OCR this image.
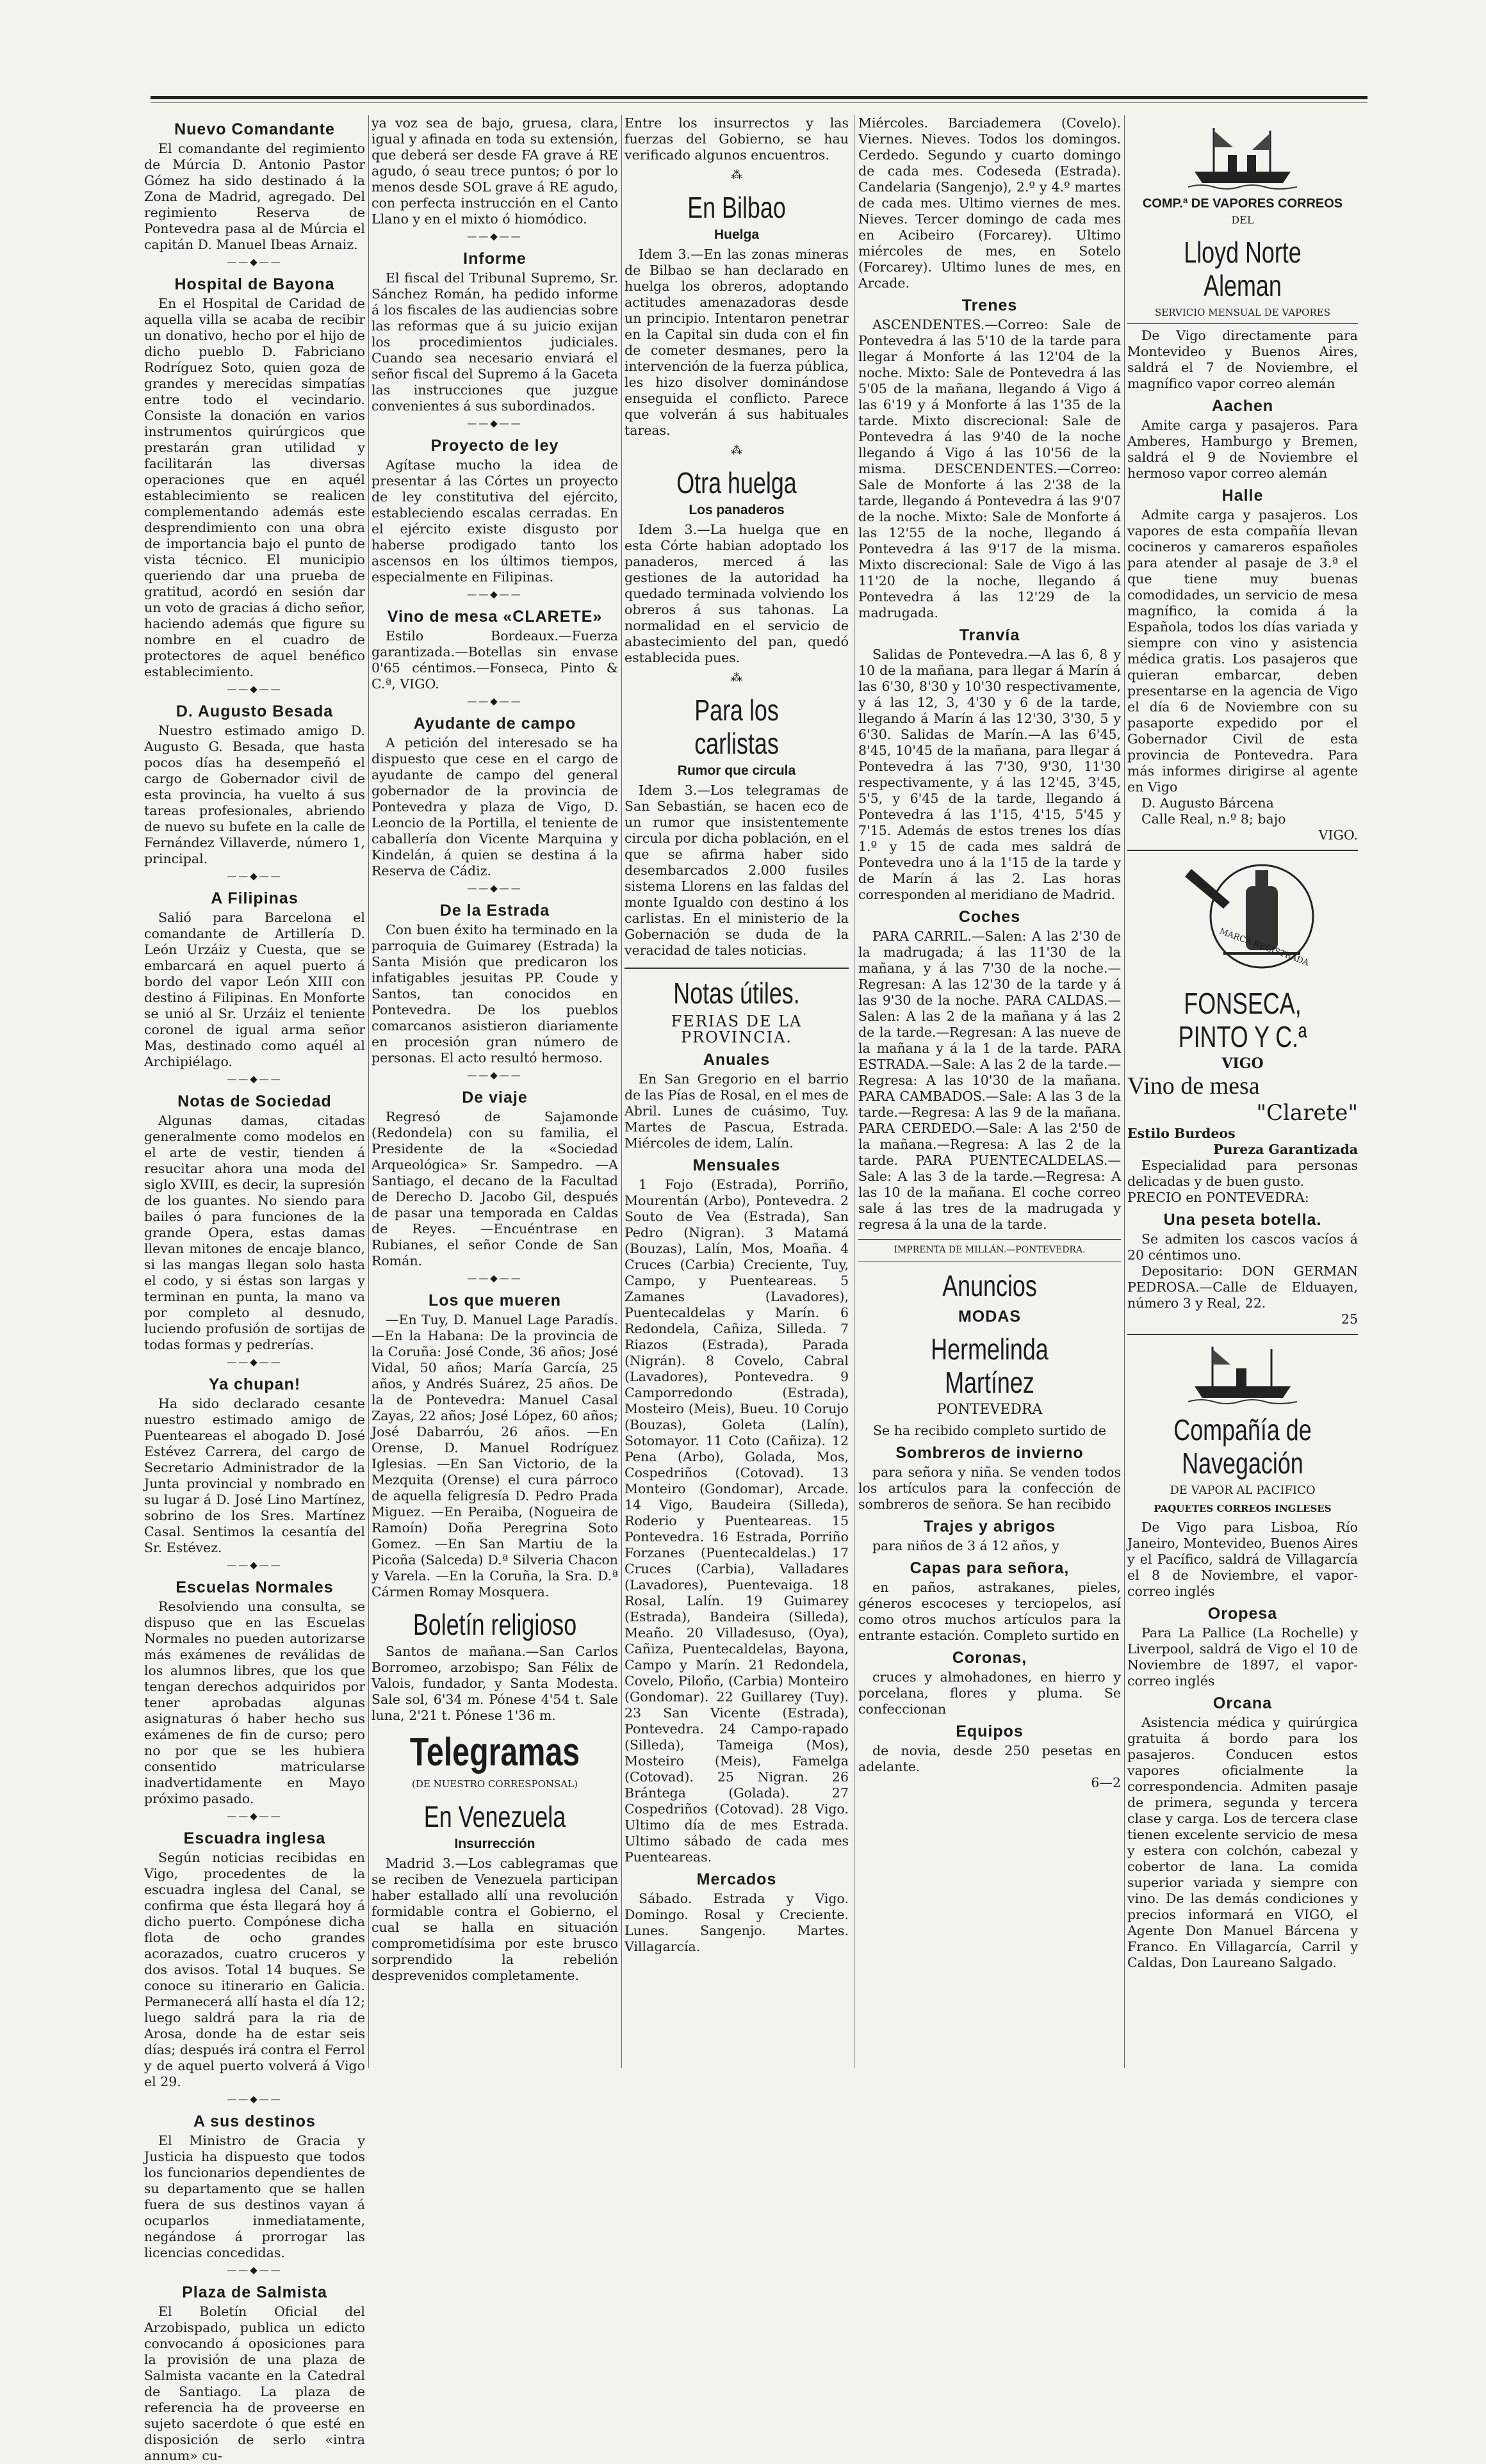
Nuevo Comandante

El comandante del regimiento de Múrcia D. Antonio Pastor Gómez ha sido destinado á la Zona de Madrid, agregado. Del regimiento Reserva de Pontevedra pasa al de Múrcia el capitán D. Manuel Ibeas Arnaiz.

——◆——
Hospital de Bayona

En el Hospital de Caridad de aquella villa se acaba de recibir un donativo, hecho por el hijo de dicho pueblo D. Fabriciano Rodríguez Soto, quien goza de grandes y merecidas simpatías entre todo el vecindario. Consiste la donación en varios instrumentos quirúrgicos que prestarán gran utilidad y facilitarán las diversas operaciones que en aquél establecimiento se realicen complementando además este desprendimiento con una obra de importancia bajo el punto de vista técnico. El municipio queriendo dar una prueba de gratitud, acordó en sesión dar un voto de gracias á dicho señor, haciendo además que figure su nombre en el cuadro de protectores de aquel benéfico establecimiento.

——◆——
D. Augusto Besada

Nuestro estimado amigo D. Augusto G. Besada, que hasta pocos días ha desempeñó el cargo de Gobernador civil de esta provincia, ha vuelto á sus tareas profesionales, abriendo de nuevo su bufete en la calle de Fernández Villaverde, número 1, principal.

——◆——
A Filipinas

Salió para Barcelona el comandante de Artillería D. León Urzáiz y Cuesta, que se embarcará en aquel puerto á bordo del vapor León XIII con destino á Filipinas. En Monforte se unió al Sr. Urzáiz el teniente coronel de igual arma señor Mas, destinado como aquél al Archipiélago.

——◆——
Notas de Sociedad

Algunas damas, citadas generalmente como modelos en el arte de vestir, tienden á resucitar ahora una moda del siglo XVIII, es decir, la supresión de los guantes. No siendo para bailes ó para funciones de la grande Opera, estas damas llevan mitones de encaje blanco, si las mangas llegan solo hasta el codo, y si éstas son largas y terminan en punta, la mano va por completo al desnudo, luciendo profusión de sortijas de todas formas y pedrerías.

——◆——
Ya chupan!

Ha sido declarado cesante nuestro estimado amigo de Puenteareas el abogado D. José Estévez Carrera, del cargo de Secretario Administrador de la Junta provincial y nombrado en su lugar á D. José Lino Martínez, sobrino de los Sres. Martínez Casal. Sentimos la cesantía del Sr. Estévez.

——◆——
Escuelas Normales

Resolviendo una consulta, se dispuso que en las Escuelas Normales no pueden autorizarse más exámenes de reválidas de los alumnos libres, que los que tengan derechos adquiridos por tener aprobadas algunas asignaturas ó haber hecho sus exámenes de fin de curso; pero no por que se les hubiera consentido matricularse inadvertidamente en Mayo próximo pasado.

——◆——
Escuadra inglesa

Según noticias recibidas en Vigo, procedentes de la escuadra inglesa del Canal, se confirma que ésta llegará hoy á dicho puerto. Compónese dicha flota de ocho grandes acorazados, cuatro cruceros y dos avisos. Total 14 buques. Se conoce su itinerario en Galicia. Permanecerá allí hasta el día 12; luego saldrá para la ria de Arosa, donde ha de estar seis días; después irá contra el Ferrol y de aquel puerto volverá á Vigo el 29.

——◆——
A sus destinos

El Ministro de Gracia y Justicia ha dispuesto que todos los funcionarios dependientes de su departamento que se hallen fuera de sus destinos vayan á ocuparlos inmediatamente, negándose á prorrogar las licencias concedidas.

——◆——
Plaza de Salmista

El Boletín Oficial del Arzobispado, publica un edicto convocando á oposiciones para la provisión de una plaza de Salmista vacante en la Catedral de Santiago. La plaza de referencia ha de proveerse en sujeto sacerdote ó que esté en disposición de serlo «intra annum» cu-

ya voz sea de bajo, gruesa, clara, igual y afinada en toda su extensión, que deberá ser desde FA grave á RE agudo, ó seau trece puntos; ó por lo menos desde SOL grave á RE agudo, con perfecta instrucción en el Canto Llano y en el mixto ó hiomódico.

——◆——
Informe

El fiscal del Tribunal Supremo, Sr. Sánchez Román, ha pedido informe á los fiscales de las audiencias sobre las reformas que á su juicio exijan los procedimientos judiciales. Cuando sea necesario enviará el señor fiscal del Supremo á la Gaceta las instrucciones que juzgue convenientes á sus subordinados.

——◆——
Proyecto de ley

Agítase mucho la idea de presentar á las Córtes un proyecto de ley constitutiva del ejército, estableciendo escalas cerradas. En el ejército existe disgusto por haberse prodigado tanto los ascensos en los últimos tiempos, especialmente en Filipinas.

——◆——
Vino de mesa «CLARETE»

Estilo Bordeaux.—Fuerza garantizada.—Botellas sin envase 0'65 céntimos.—Fonseca, Pinto & C.ª, VIGO.

——◆——
Ayudante de campo

A petición del interesado se ha dispuesto que cese en el cargo de ayudante de campo del general gobernador de la provincia de Pontevedra y plaza de Vigo, D. Leoncio de la Portilla, el teniente de caballería don Vicente Marquina y Kindelán, á quien se destina á la Reserva de Cádiz.

——◆——
De la Estrada

Con buen éxito ha terminado en la parroquia de Guimarey (Estrada) la Santa Misión que predicaron los infatigables jesuitas PP. Coude y Santos, tan conocidos en Pontevedra. De los pueblos comarcanos asistieron diariamente en procesión gran número de personas. El acto resultó hermoso.

——◆——
De viaje

Regresó de Sajamonde (Redondela) con su familia, el Presidente de la «Sociedad Arqueológica» Sr. Sampedro. —A Santiago, el decano de la Facultad de Derecho D. Jacobo Gil, después de pasar una temporada en Caldas de Reyes. —Encuéntrase en Rubianes, el señor Conde de San Román.

——◆——
Los que mueren

—En Tuy, D. Manuel Lage Paradís. —En la Habana: De la provincia de la Coruña: José Conde, 36 años; José Vidal, 50 años; María García, 25 años, y Andrés Suárez, 25 años. De la de Pontevedra: Manuel Casal Zayas, 22 años; José López, 60 años; José Dabarróu, 26 años. —En Orense, D. Manuel Rodríguez Iglesias. —En San Victorio, de la Mezquita (Orense) el cura párroco de aquella feligresía D. Pedro Prada Miguez. —En Peraiba, (Nogueira de Ramoín) Doña Peregrina Soto Gomez. —En San Martiu de la Picoña (Salceda) D.ª Silveria Chacon y Varela. —En la Coruña, la Sra. D.ª Cármen Romay Mosquera.

Boletín religioso

Santos de mañana.—San Carlos Borromeo, arzobispo; San Félix de Valois, fundador, y Santa Modesta. Sale sol, 6'34 m. Pónese 4'54 t. Sale luna, 2'21 t. Pónese 1'36 m.

Telegramas
(DE NUESTRO CORRESPONSAL)
En Venezuela
Insurrección

Madrid 3.—Los cablegramas que se reciben de Venezuela participan haber estallado allí una revolución formidable contra el Gobierno, el cual se halla en situación comprometidísima por este brusco sorprendido la rebelión desprevenidos completamente.

Entre los insurrectos y las fuerzas del Gobierno, se hau verificado algunos encuentros.

⁂
En Bilbao
Huelga

Idem 3.—En las zonas mineras de Bilbao se han declarado en huelga los obreros, adoptando actitudes amenazadoras desde un principio. Intentaron penetrar en la Capital sin duda con el fin de cometer desmanes, pero la intervención de la fuerza pública, les hizo disolver dominándose enseguida el conflicto. Parece que volverán á sus habituales tareas.

⁂
Otra huelga
Los panaderos

Idem 3.—La huelga que en esta Córte habian adoptado los panaderos, merced á las gestiones de la autoridad ha quedado terminada volviendo los obreros á sus tahonas. La normalidad en el servicio de abastecimiento del pan, quedó establecida pues.

⁂
Para los carlistas
Rumor que circula

Idem 3.—Los telegramas de San Sebastián, se hacen eco de un rumor que insistentemente circula por dicha población, en el que se afirma haber sido desembarcados 2.000 fusiles sistema Llorens en las faldas del monte Igualdo con destino á los carlistas. En el ministerio de la Gobernación se duda de la veracidad de tales noticias.

Notas útiles.
FERIAS DE LA PROVINCIA.
Anuales

En San Gregorio en el barrio de las Pías de Rosal, en el mes de Abril. Lunes de cuásimo, Tuy. Martes de Pascua, Estrada. Miércoles de idem, Lalín.

Mensuales

1 Fojo (Estrada), Porriño, Mourentán (Arbo), Pontevedra. 2 Souto de Vea (Estrada), San Pedro (Nigran). 3 Matamá (Bouzas), Lalín, Mos, Moaña. 4 Cruces (Carbia) Creciente, Tuy, Campo, y Puenteareas. 5 Zamanes (Lavadores), Puentecaldelas y Marín. 6 Redondela, Cañiza, Silleda. 7 Riazos (Estrada), Parada (Nigrán). 8 Covelo, Cabral (Lavadores), Pontevedra. 9 Camporredondo (Estrada), Mosteiro (Meis), Bueu. 10 Corujo (Bouzas), Goleta (Lalín), Sotomayor. 11 Coto (Cañiza). 12 Pena (Arbo), Golada, Mos, Cospedriños (Cotovad). 13 Monteiro (Gondomar), Arcade. 14 Vigo, Baudeira (Silleda), Roderio y Puenteareas. 15 Pontevedra. 16 Estrada, Porriño Forzanes (Puentecaldelas.) 17 Cruces (Carbia), Valladares (Lavadores), Puentevaiga. 18 Rosal, Lalín. 19 Guimarey (Estrada), Bandeira (Silleda), Meaño. 20 Villadesuso, (Oya), Cañiza, Puentecaldelas, Bayona, Campo y Marín. 21 Redondela, Covelo, Piloño, (Carbia) Monteiro (Gondomar). 22 Guillarey (Tuy). 23 San Vicente (Estrada), Pontevedra. 24 Campo-rapado (Silleda), Tameiga (Mos), Mosteiro (Meis), Famelga (Cotovad). 25 Nigran. 26 Brántega (Golada). 27 Cospedriños (Cotovad). 28 Vigo. Ultimo día de mes Estrada. Ultimo sábado de cada mes Puenteareas.

Mercados

Sábado. Estrada y Vigo. Domingo. Rosal y Creciente. Lunes. Sangenjo. Martes. Villagarcía.

Miércoles. Barciademera (Covelo). Viernes. Nieves. Todos los domingos. Cerdedo. Segundo y cuarto domingo de cada mes. Codeseda (Estrada). Candelaria (Sangenjo), 2.º y 4.º martes de cada mes. Ultimo viernes de mes. Nieves. Tercer domingo de cada mes en Acibeiro (Forcarey). Ultimo miércoles de mes, en Sotelo (Forcarey). Ultimo lunes de mes, en Arcade.

Trenes

ASCENDENTES.—Correo: Sale de Pontevedra á las 5'10 de la tarde para llegar á Monforte á las 12'04 de la noche. Mixto: Sale de Pontevedra á las 5'05 de la mañana, llegando á Vigo á las 6'19 y á Monforte á las 1'35 de la tarde. Mixto discrecional: Sale de Pontevedra á las 9'40 de la noche llegando á Vigo á las 10'56 de la misma. DESCENDENTES.—Correo: Sale de Monforte á las 2'38 de la tarde, llegando á Pontevedra á las 9'07 de la noche. Mixto: Sale de Monforte á las 12'55 de la noche, llegando á Pontevedra á las 9'17 de la misma. Mixto discrecional: Sale de Vigo á las 11'20 de la noche, llegando á Pontevedra á las 12'29 de la madrugada.

Tranvía

Salidas de Pontevedra.—A las 6, 8 y 10 de la mañana, para llegar á Marín á las 6'30, 8'30 y 10'30 respectivamente, y á las 12, 3, 4'30 y 6 de la tarde, llegando á Marín á las 12'30, 3'30, 5 y 6'30. Salidas de Marín.—A las 6'45, 8'45, 10'45 de la mañana, para llegar á Pontevedra á las 7'30, 9'30, 11'30 respectivamente, y á las 12'45, 3'45, 5'5, y 6'45 de la tarde, llegando á Pontevedra á las 1'15, 4'15, 5'45 y 7'15. Además de estos trenes los días 1.º y 15 de cada mes saldrá de Pontevedra uno á la 1'15 de la tarde y de Marín á las 2. Las horas corresponden al meridiano de Madrid.

Coches

PARA CARRIL.—Salen: A las 2'30 de la madrugada; á las 11'30 de la mañana, y á las 7'30 de la noche.—Regresan: A las 12'30 de la tarde y á las 9'30 de la noche. PARA CALDAS.—Salen: A las 2 de la mañana y á las 2 de la tarde.—Regresan: A las nueve de la mañana y á la 1 de la tarde. PARA ESTRADA.—Sale: A las 2 de la tarde.—Regresa: A las 10'30 de la mañana. PARA CAMBADOS.—Sale: A las 3 de la tarde.—Regresa: A las 9 de la mañana. PARA CERDEDO.—Sale: A las 2'50 de la mañana.—Regresa: A las 2 de la tarde. PARA PUENTECALDELAS.—Sale: A las 3 de la tarde.—Regresa: A las 10 de la mañana. El coche correo sale á las tres de la madrugada y regresa á la una de la tarde.

IMPRENTA DE MILLÁN.—PONTEVEDRA.
Anuncios
MODAS
Hermelinda Martínez
PONTEVEDRA

Se ha recibido completo surtido de

Sombreros de invierno

para señora y niña. Se venden todos los artículos para la confección de sombreros de señora. Se han recibido

Trajes y abrigos

para niños de 3 á 12 años, y

Capas para señora,

en paños, astrakanes, pieles, géneros escoceses y terciopelos, así como otros muchos artículos para la entrante estación. Completo surtido en

Coronas,

cruces y almohadones, en hierro y porcelana, flores y pluma. Se confeccionan

Equipos

de novia, desde 250 pesetas en adelante.

6—2
COMP.ª DE VAPORES CORREOS
DEL
Lloyd Norte Aleman
SERVICIO MENSUAL DE VAPORES

De Vigo directamente para Montevideo y Buenos Aires, saldrá el 7 de Noviembre, el magnífico vapor correo alemán

Aachen

Amite carga y pasajeros. Para Amberes, Hamburgo y Bremen, saldrá el 9 de Noviembre el hermoso vapor correo alemán

Halle

Admite carga y pasajeros. Los vapores de esta compañía llevan cocineros y camareros españoles para atender al pasaje de 3.ª el que tiene muy buenas comodidades, un servicio de mesa magnífico, la comida á la Española, todos los días variada y siempre con vino y asistencia médica gratis. Los pasajeros que quieran embarcar, deben presentarse en la agencia de Vigo el día 6 de Noviembre con su pasaporte expedido por el Gobernador Civil de esta provincia de Pontevedra. Para más informes dirigirse al agente en Vigo

D. Augusto Bárcena

Calle Real, n.º 8; bajo

VIGO.
MARCA REGISTRADA
FONSECA, PINTO Y C.ª
VIGO
Vino de mesa
"Clarete"
Estilo Burdeos
Pureza Garantizada

Especialidad para personas delicadas y de buen gusto.

PRECIO en PONTEVEDRA:
Una peseta botella.

Se admiten los cascos vacíos á 20 céntimos uno.

Depositario: DON GERMAN PEDROSA.—Calle de Elduayen, número 3 y Real, 22.

25
Compañía de Navegación
DE VAPOR AL PACIFICO
PAQUETES CORREOS INGLESES

De Vigo para Lisboa, Río Janeiro, Montevideo, Buenos Aires y el Pacífico, saldrá de Villagarcía el 8 de Noviembre, el vapor-correo inglés

Oropesa

Para La Pallice (La Rochelle) y Liverpool, saldrá de Vigo el 10 de Noviembre de 1897, el vapor-correo inglés

Orcana

Asistencia médica y quirúrgica gratuita á bordo para los pasajeros. Conducen estos vapores oficialmente la correspondencia. Admiten pasaje de primera, segunda y tercera clase y carga. Los de tercera clase tienen excelente servicio de mesa y estera con colchón, cabezal y cobertor de lana. La comida superior variada y siempre con vino. De las demás condiciones y precios informará en VIGO, el Agente Don Manuel Bárcena y Franco. En Villagarcía, Carril y Caldas, Don Laureano Salgado.
